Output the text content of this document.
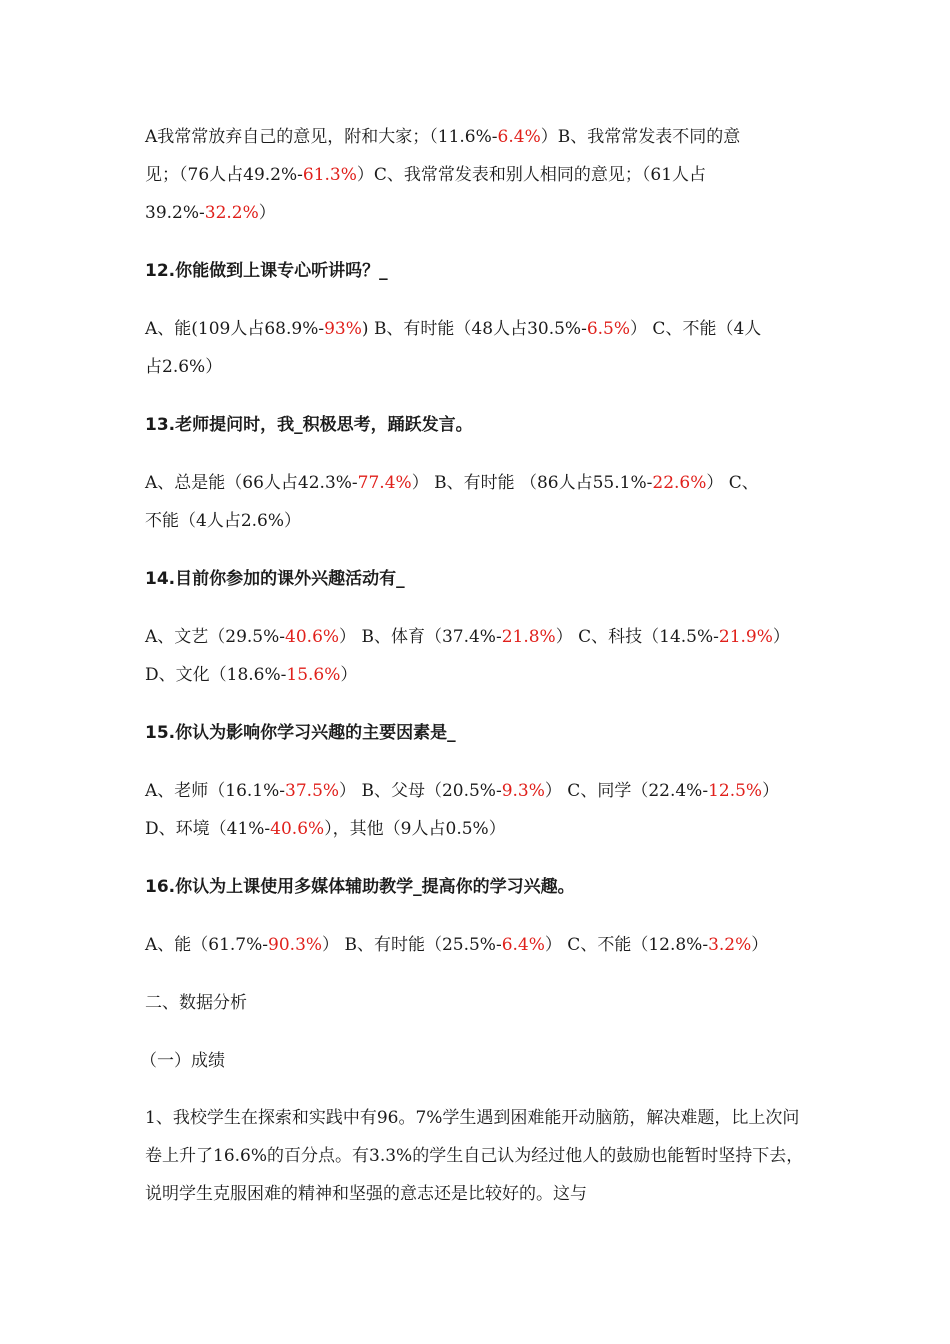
A我常常放弃自己的意见，附和大家；（11.6%-6.4%）B、我常常发表不同的意
见；（76人占49.2%-61.3%）C、我常常发表和别人相同的意见；（61人占
39.2%-32.2%）
12.你能做到上课专心听讲吗？_
A、能(109人占68.9%-93%) B、有时能（48人占30.5%-6.5%） C、不能（4人
占2.6%）
13.老师提问时，我_积极思考，踊跃发言。
A、总是能（66人占42.3%-77.4%） B、有时能 （86人占55.1%-22.6%） C、
不能（4人占2.6%）
14.目前你参加的课外兴趣活动有_
A、文艺（29.5%-40.6%） B、体育（37.4%-21.8%） C、科技（14.5%-21.9%）
D、文化（18.6%-15.6%）
15.你认为影响你学习兴趣的主要因素是_
A、老师（16.1%-37.5%） B、父母（20.5%-9.3%） C、同学（22.4%-12.5%）
D、环境（41%-40.6%），其他（9人占0.5%）
16.你认为上课使用多媒体辅助教学_提高你的学习兴趣。
A、能（61.7%-90.3%） B、有时能（25.5%-6.4%） C、不能（12.8%-3.2%）
二、数据分析
（一）成绩
1、我校学生在探索和实践中有96。7%学生遇到困难能开动脑筋，解决难题，比上次问卷上升了16.6%的百分点。有3.3%的学生自己认为经过他人的鼓励也能暂时坚持下去，说明学生克服困难的精神和坚强的意志还是比较好的。这与
